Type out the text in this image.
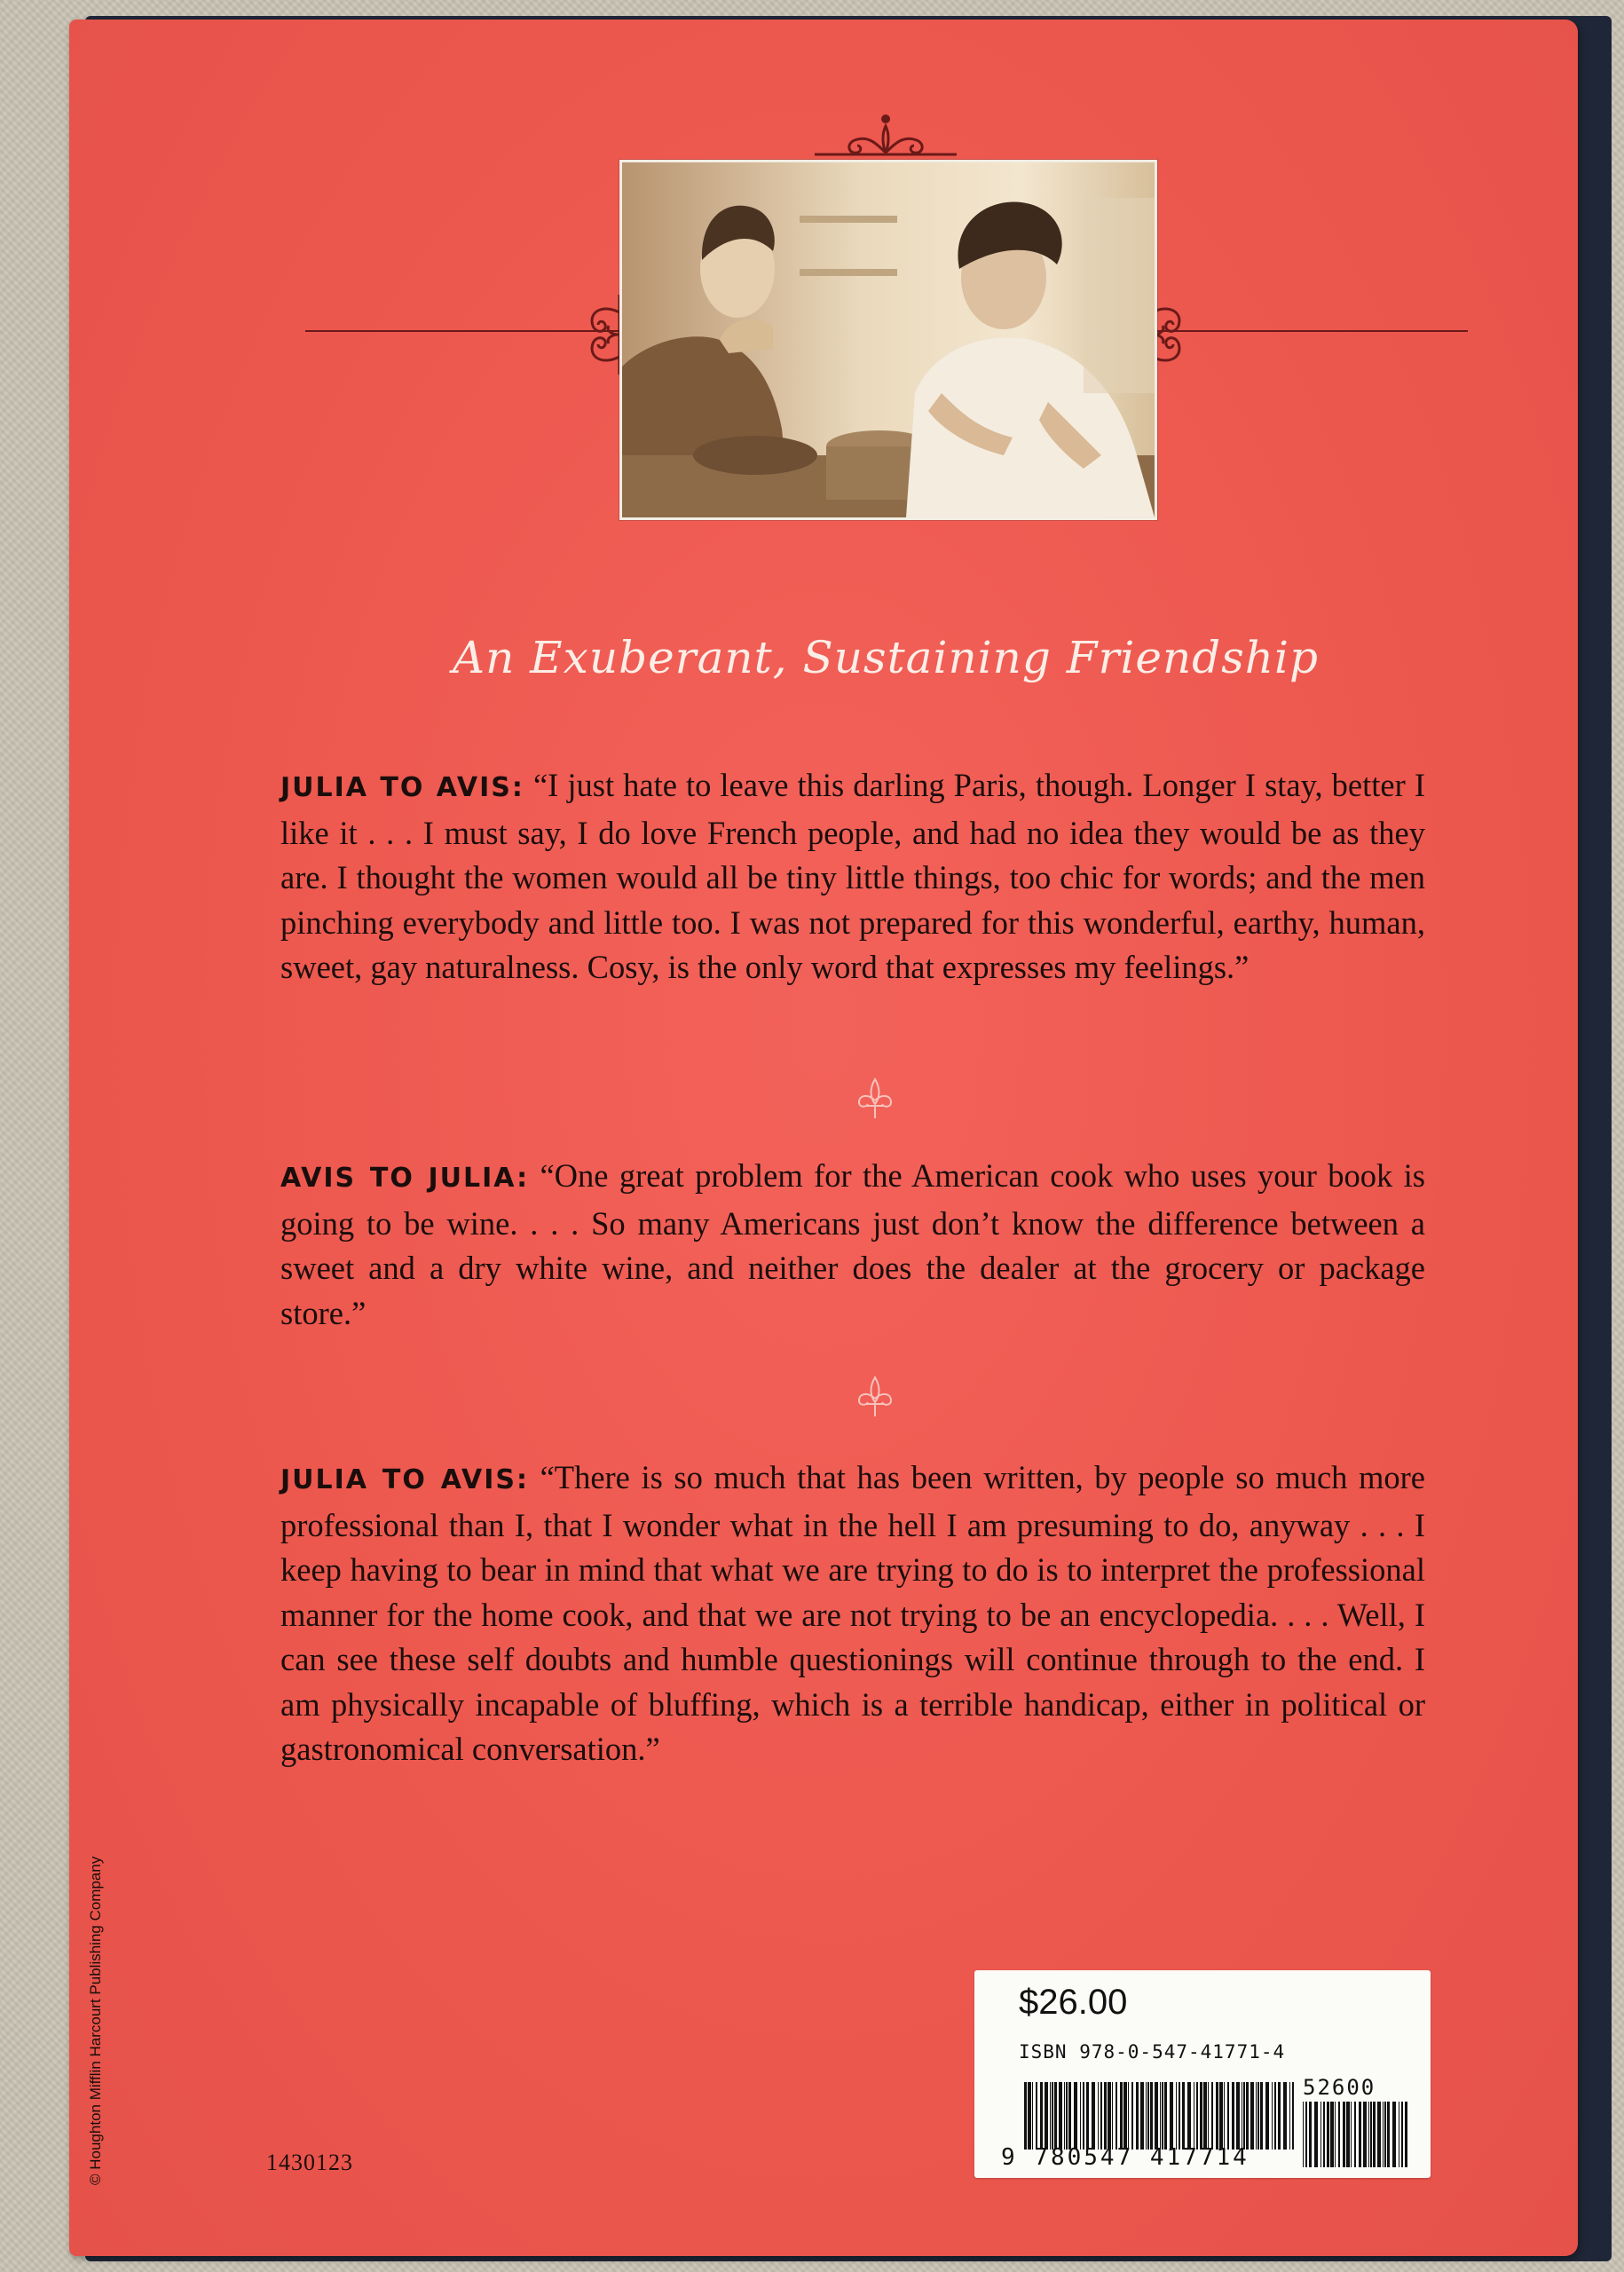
An Exuberant, Sustaining Friendship
JULIA TO AVIS: “I just hate to leave this darling Paris, though. Longer I stay, better I like it . . . I must say, I do love French people, and had no idea they would be as they are. I thought the women would all be tiny little things, too chic for words; and the men pinching everybody and little too. I was not prepared for this wonderful, earthy, human, sweet, gay naturalness. Cosy, is the only word that expresses my feelings.”
AVIS TO JULIA: “One great problem for the American cook who uses your book is going to be wine. . . . So many Americans just don’t know the difference between a sweet and a dry white wine, and neither does the dealer at the grocery or package store.”
JULIA TO AVIS: “There is so much that has been written, by people so much more professional than I, that I wonder what in the hell I am presuming to do, anyway . . . I keep having to bear in mind that what we are trying to do is to interpret the professional manner for the home cook, and that we are not trying to be an encyclopedia. . . . Well, I can see these self doubts and humble questionings will continue through to the end. I am physically incapable of bluffing, which is a terrible handicap, either in political or gastronomical conversation.”
© Houghton Mifflin Harcourt Publishing Company	1430123
$26.00
ISBN 978-0-547-41771-4
9 780547 417714
52600
